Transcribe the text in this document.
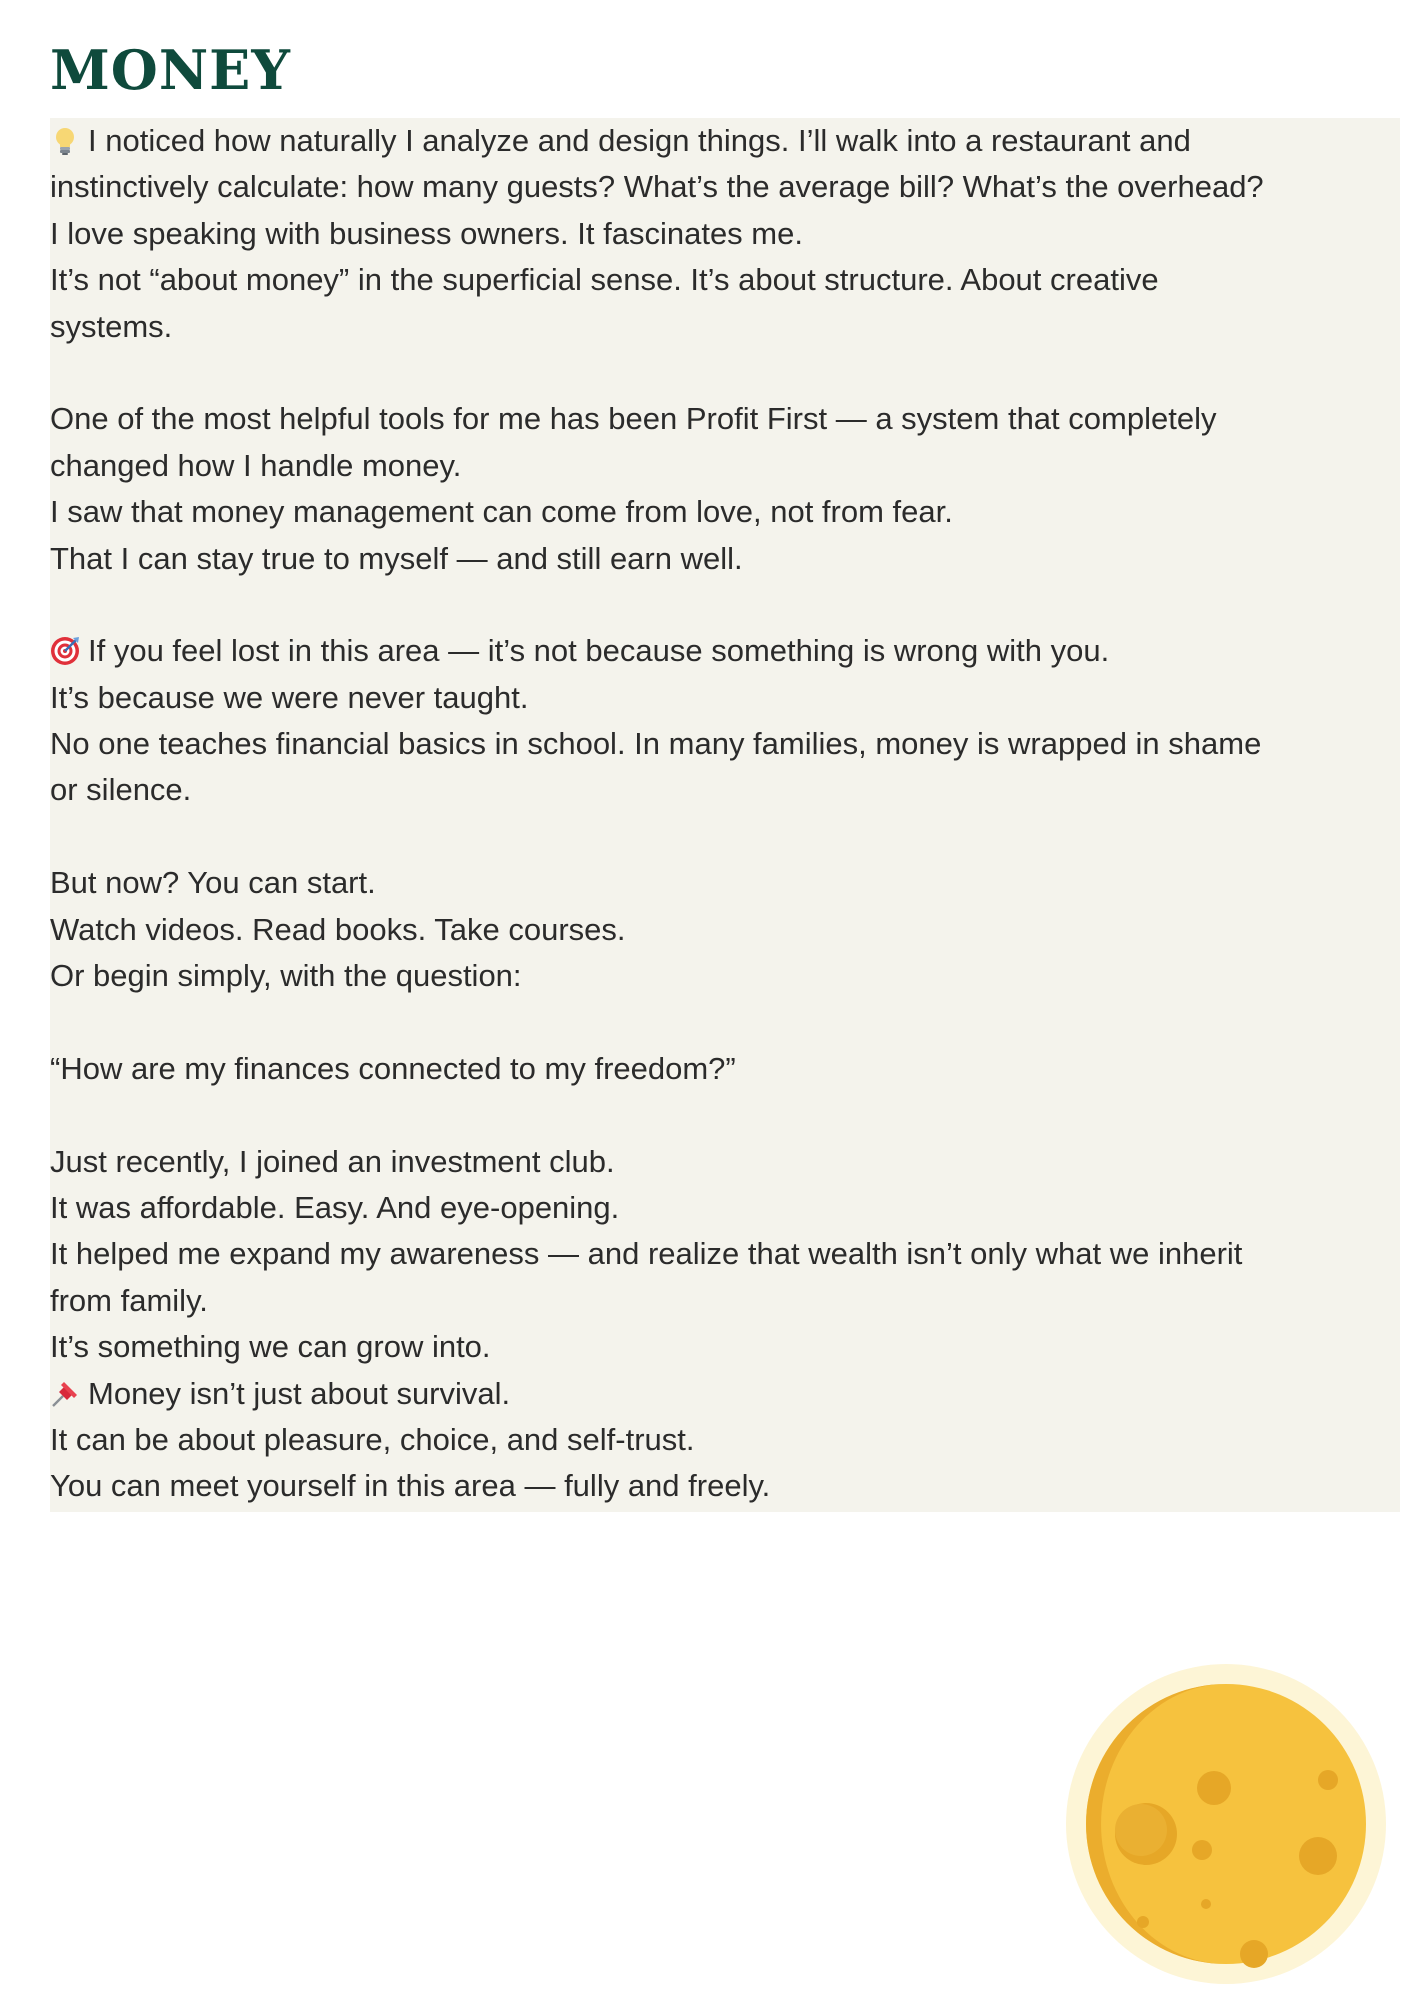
MONEY
I noticed how naturally I analyze and design things. I’ll walk into a restaurant and
instinctively calculate: how many guests? What’s the average bill? What’s the overhead?
I love speaking with business owners. It fascinates me.
It’s not “about money” in the superficial sense. It’s about structure. About creative
systems.
One of the most helpful tools for me has been Profit First — a system that completely
changed how I handle money.
I saw that money management can come from love, not from fear.
That I can stay true to myself — and still earn well.
If you feel lost in this area — it’s not because something is wrong with you.
It’s because we were never taught.
No one teaches financial basics in school. In many families, money is wrapped in shame
or silence.
But now? You can start.
Watch videos. Read books. Take courses.
Or begin simply, with the question:
“How are my finances connected to my freedom?”
Just recently, I joined an investment club.
It was affordable. Easy. And eye-opening.
It helped me expand my awareness — and realize that wealth isn’t only what we inherit
from family.
It’s something we can grow into.
Money isn’t just about survival.
It can be about pleasure, choice, and self-trust.
You can meet yourself in this area — fully and freely.
